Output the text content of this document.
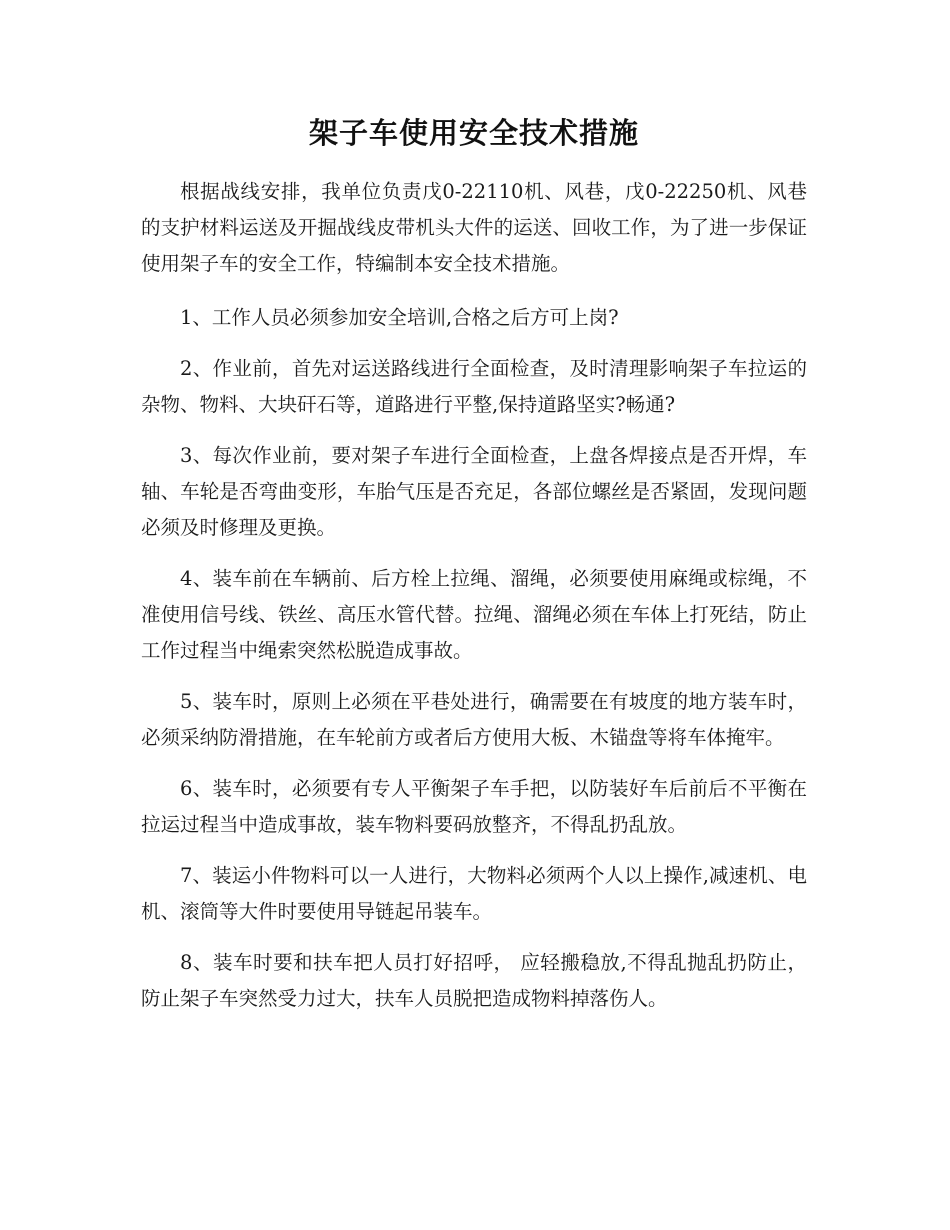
架子车使用安全技术措施

根据战线安排，我单位负责戊0-22110机、风巷，戊0-22250机、风巷的支护材料运送及开掘战线皮带机头大件的运送、回收工作，为了进一步保证使用架子车的安全工作，特编制本安全技术措施。

1、工作人员必须参加安全培训,合格之后方可上岗?

2、作业前，首先对运送路线进行全面检查，及时清理影响架子车拉运的杂物、物料、大块矸石等，道路进行平整,保持道路坚实?畅通?

3、每次作业前，要对架子车进行全面检查，上盘各焊接点是否开焊，车轴、车轮是否弯曲变形，车胎气压是否充足，各部位螺丝是否紧固，发现问题必须及时修理及更换。

4、装车前在车辆前、后方栓上拉绳、溜绳，必须要使用麻绳或棕绳，不准使用信号线、铁丝、高压水管代替。拉绳、溜绳必须在车体上打死结，防止工作过程当中绳索突然松脱造成事故。

5、装车时，原则上必须在平巷处进行，确需要在有坡度的地方装车时，必须采纳防滑措施，在车轮前方或者后方使用大板、木锚盘等将车体掩牢。

6、装车时，必须要有专人平衡架子车手把，以防装好车后前后不平衡在拉运过程当中造成事故，装车物料要码放整齐，不得乱扔乱放。

7、装运小件物料可以一人进行，大物料必须两个人以上操作,减速机、电机、滚筒等大件时要使用导链起吊装车。

8、装车时要和扶车把人员打好招呼， 应轻搬稳放,不得乱抛乱扔防止，防止架子车突然受力过大，扶车人员脱把造成物料掉落伤人。
